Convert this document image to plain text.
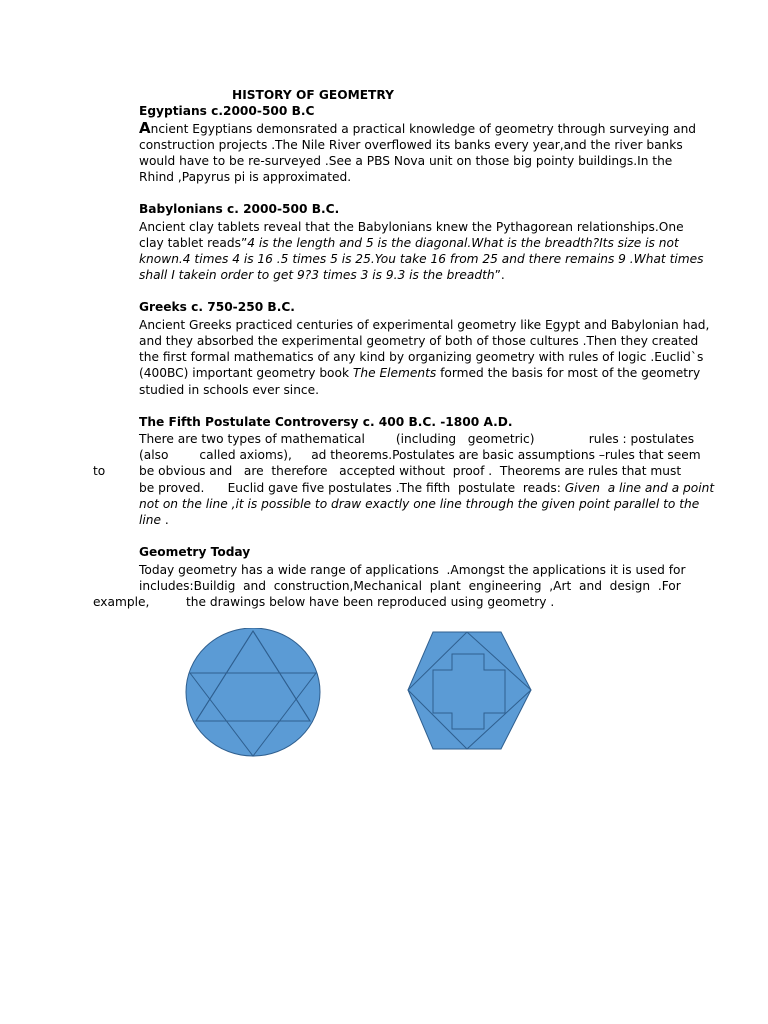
HISTORY OF GEOMETRY
Egyptians c.2000-500 B.C
Ancient Egyptians demonsrated a practical knowledge of geometry through surveying and
construction projects .The Nile River overflowed its banks every year,and the river banks
would have to be re-surveyed .See a PBS Nova unit on those big pointy buildings.In the
Rhind ,Papyrus pi is approximated.
Babylonians c. 2000-500 B.C.
Ancient clay tablets reveal that the Babylonians knew the Pythagorean relationships.One
clay tablet reads”4 is the length and 5 is the diagonal.What is the breadth?Its size is not
known.4 times 4 is 16 .5 times 5 is 25.You take 16 from 25 and there remains 9 .What times
shall I takein order to get 9?3 times 3 is 9.3 is the breadth”.
Greeks c. 750-250 B.C.
Ancient Greeks practiced centuries of experimental geometry like Egypt and Babylonian had,
and they absorbed the experimental geometry of both of those cultures .Then they created
the first formal mathematics of any kind by organizing geometry with rules of logic .Euclid`s
(400BC) important geometry book The Elements formed the basis for most of the geometry
studied in schools ever since.
The Fifth Postulate Controversy c. 400 B.C. -1800 A.D.
There are two types of mathematical        (including   geometric)              rules : postulates
(also        called axioms),     ad theorems.Postulates are basic assumptions –rules that seem
to	be obvious and   are  therefore   accepted without  proof .  Theorems are rules that must
be proved.      Euclid gave five postulates .The fifth  postulate  reads: Given  a line and a point
not on the line ,it is possible to draw exactly one line through the given point parallel to the
line .
Geometry Today
Today geometry has a wide range of applications  .Amongst the applications it is used for
includes:Buildig  and  construction,Mechanical  plant  engineering  ,Art  and  design  .For
example,	the drawings below have been reproduced using geometry .
